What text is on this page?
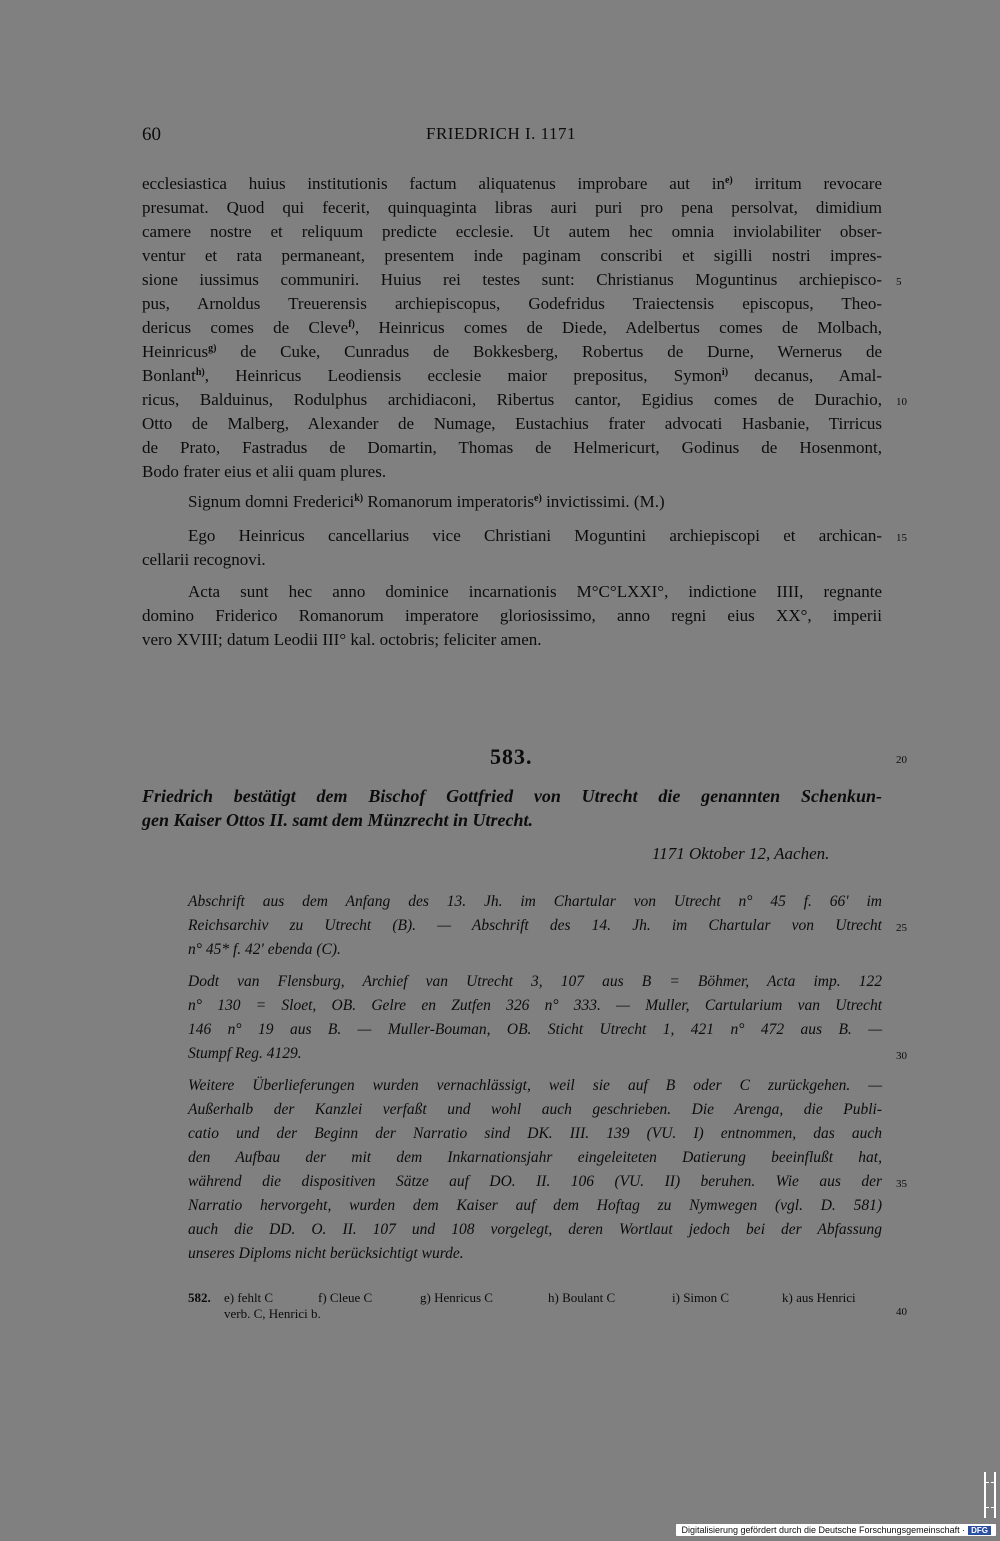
60	FRIEDRICH I. 1171
ecclesiastica huius institutionis factum aliquatenus improbare aut $in^{e)}$ irritum revocare
presumat. Quod qui fecerit, quinquaginta libras auri puri pro pena persolvat, dimidium
camere nostre et reliquum predicte ecclesie. Ut autem hec omnia inviolabiliter obser-
ventur et rata permaneant, presentem inde paginam conscribi et sigilli nostri impres-
sione iussimus communiri. Huius rei testes sunt: Christianus Moguntinus archiepisco-
pus, Arnoldus Treuerensis archiepiscopus, Godefridus Traiectensis episcopus, Theo-
dericus comes de Cleve$^{f)}$, Heinricus comes de Diede, Adelbertus comes de Molbach,
Heinricus$^{g)}$ de Cuke, Cunradus de Bokkesberg, Robertus de Durne, Wernerus de
Bonlant$^{h)}$, Heinricus Leodiensis ecclesie maior prepositus, Symon$^{i)}$ decanus, Amal-
ricus, Balduinus, Rodulphus archidiaconi, Ribertus cantor, Egidius comes de Durachio,
Otto de Malberg, Alexander de Numage, Eustachius frater advocati Hasbanie, Tirricus
de Prato, Fastradus de Domartin, Thomas de Helmericurt, Godinus de Hosenmont,
Bodo frater eius et alii quam plures.
Signum domni Frederici$^{k)}$ Romanorum imperatoris$^{e)}$ invictissimi. (M.)
Ego Heinricus cancellarius vice Christiani Moguntini archiepiscopi et archican-
cellarii recognovi.
Acta sunt hec anno dominice incarnationis M°C°LXXI°, indictione IIII, regnante
domino Friderico Romanorum imperatore gloriosissimo, anno regni eius XX°, imperii
vero XVIII; datum Leodii III° kal. octobris; feliciter amen.
583.
Friedrich bestätigt dem Bischof Gottfried von Utrecht die genannten Schenkun-
gen Kaiser Ottos II. samt dem Münzrecht in Utrecht.
1171 Oktober 12, Aachen.
Abschrift aus dem Anfang des 13. Jh. im Chartular von Utrecht n° 45 f. 66' im
Reichsarchiv zu Utrecht (B). — Abschrift des 14. Jh. im Chartular von Utrecht
n° 45* f. 42' ebenda (C).
Dodt van Flensburg, Archief van Utrecht 3, 107 aus B = Böhmer, Acta imp. 122
n° 130 = Sloet, OB. Gelre en Zutfen 326 n° 333. — Muller, Cartularium van Utrecht
146 n° 19 aus B. — Muller-Bouman, OB. Sticht Utrecht 1, 421 n° 472 aus B. —
Stumpf Reg. 4129.
Weitere Überlieferungen wurden vernachlässigt, weil sie auf B oder C zurückgehen. —
Außerhalb der Kanzlei verfaßt und wohl auch geschrieben. Die Arenga, die Publi-
catio und der Beginn der Narratio sind DK. III. 139 (VU. I) entnommen, das auch
den Aufbau der mit dem Inkarnationsjahr eingeleiteten Datierung beeinflußt hat,
während die dispositiven Sätze auf DO. II. 106 (VU. II) beruhen. Wie aus der
Narratio hervorgeht, wurden dem Kaiser auf dem Hoftag zu Nymwegen (vgl. D. 581)
auch die DD. O. II. 107 und 108 vorgelegt, deren Wortlaut jedoch bei der Abfassung
unseres Diploms nicht berücksichtigt wurde.
582. e) fehlt C	f) Cleue C	g) Henricus C	h) Boulant C	i) Simon C	k) aus Henrici
verb. C, Henrici b.
5
10
15
20
25
30
35
40
Digitalisierung gefördert durch die Deutsche Forschungsgemeinschaft · DFG
